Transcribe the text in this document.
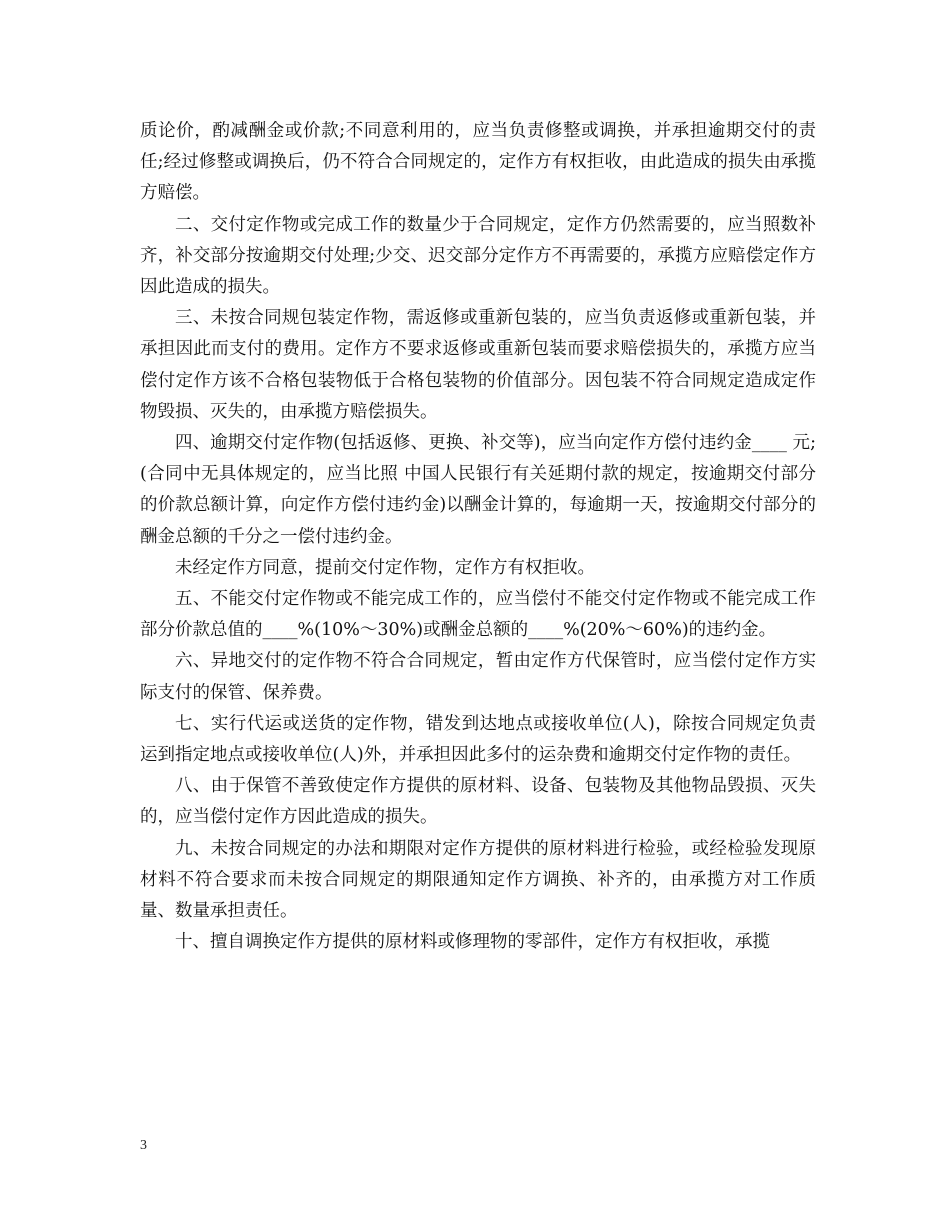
质论价，酌减酬金或价款;不同意利用的，应当负责修整或调换，并承担逾期交付的责任;经过修整或调换后，仍不符合合同规定的，定作方有权拒收，由此造成的损失由承揽方赔偿。

二、交付定作物或完成工作的数量少于合同规定，定作方仍然需要的，应当照数补齐，补交部分按逾期交付处理;少交、迟交部分定作方不再需要的，承揽方应赔偿定作方因此造成的损失。

三、未按合同规包装定作物，需返修或重新包装的，应当负责返修或重新包装，并承担因此而支付的费用。定作方不要求返修或重新包装而要求赔偿损失的，承揽方应当偿付定作方该不合格包装物低于合格包装物的价值部分。因包装不符合同规定造成定作物毁损、灭失的，由承揽方赔偿损失。

四、逾期交付定作物(包括返修、更换、补交等)，应当向定作方偿付违约金____ 元;(合同中无具体规定的，应当比照 中国人民银行有关延期付款的规定，按逾期交付部分的价款总额计算，向定作方偿付违约金)以酬金计算的，每逾期一天，按逾期交付部分的酬金总额的千分之一偿付违约金。

未经定作方同意，提前交付定作物，定作方有权拒收。

五、不能交付定作物或不能完成工作的，应当偿付不能交付定作物或不能完成工作部分价款总值的____%(10%～30%)或酬金总额的____%(20%～60%)的违约金。

六、异地交付的定作物不符合合同规定，暂由定作方代保管时，应当偿付定作方实际支付的保管、保养费。

七、实行代运或送货的定作物，错发到达地点或接收单位(人)，除按合同规定负责运到指定地点或接收单位(人)外，并承担因此多付的运杂费和逾期交付定作物的责任。

八、由于保管不善致使定作方提供的原材料、设备、包装物及其他物品毁损、灭失的，应当偿付定作方因此造成的损失。

九、未按合同规定的办法和期限对定作方提供的原材料进行检验，或经检验发现原材料不符合要求而未按合同规定的期限通知定作方调换、补齐的，由承揽方对工作质量、数量承担责任。

十、擅自调换定作方提供的原材料或修理物的零部件，定作方有权拒收，承揽

3
